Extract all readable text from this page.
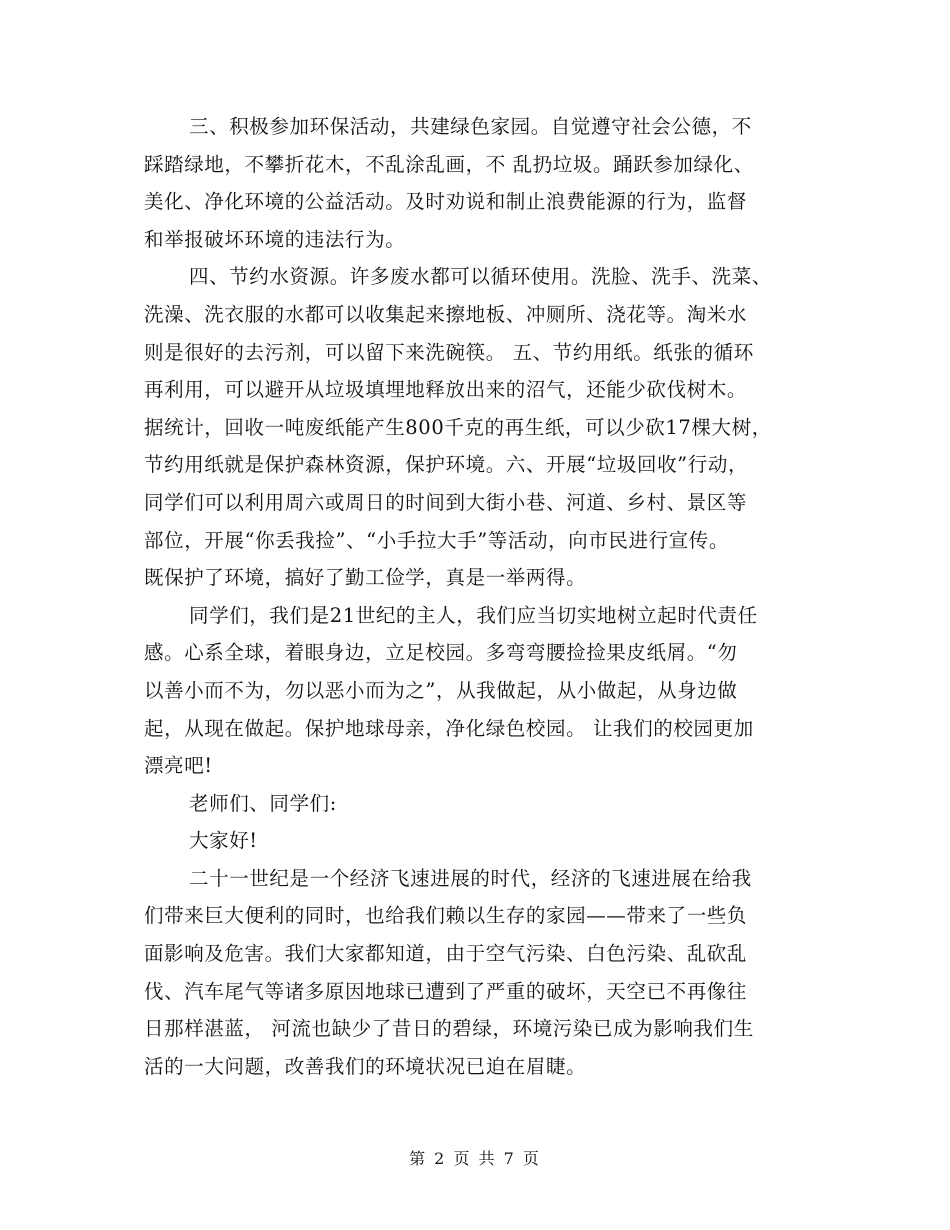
三、积极参加环保活动，共建绿色家园。自觉遵守社会公德，不
踩踏绿地，不攀折花木，不乱涂乱画，不 乱扔垃圾。踊跃参加绿化、
美化、净化环境的公益活动。及时劝说和制止浪费能源的行为，监督
和举报破坏环境的违法行为。
四、节约水资源。许多废水都可以循环使用。洗脸、洗手、洗菜、
洗澡、洗衣服的水都可以收集起来擦地板、冲厕所、浇花等。淘米水
则是很好的去污剂，可以留下来洗碗筷。 五、节约用纸。纸张的循环
再利用，可以避开从垃圾填埋地释放出来的沼气，还能少砍伐树木。
据统计，回收一吨废纸能产生800千克的再生纸，可以少砍17棵大树，
节约用纸就是保护森林资源，保护环境。六、开展“垃圾回收”行动，
同学们可以利用周六或周日的时间到大街小巷、河道、乡村、景区等
部位，开展“你丢我捡”、“小手拉大手”等活动，向市民进行宣传。
既保护了环境，搞好了勤工俭学，真是一举两得。
同学们，我们是21世纪的主人，我们应当切实地树立起时代责任
感。心系全球，着眼身边，立足校园。多弯弯腰捡捡果皮纸屑。“勿
以善小而不为，勿以恶小而为之”，从我做起，从小做起，从身边做
起，从现在做起。保护地球母亲，净化绿色校园。 让我们的校园更加
漂亮吧!
老师们、同学们:
大家好!
二十一世纪是一个经济飞速进展的时代，经济的飞速进展在给我
们带来巨大便利的同时，也给我们赖以生存的家园——带来了一些负
面影响及危害。我们大家都知道，由于空气污染、白色污染、乱砍乱
伐、汽车尾气等诸多原因地球已遭到了严重的破坏，天空已不再像往
日那样湛蓝， 河流也缺少了昔日的碧绿，环境污染已成为影响我们生
活的一大问题，改善我们的环境状况已迫在眉睫。
第 2 页 共 7 页
